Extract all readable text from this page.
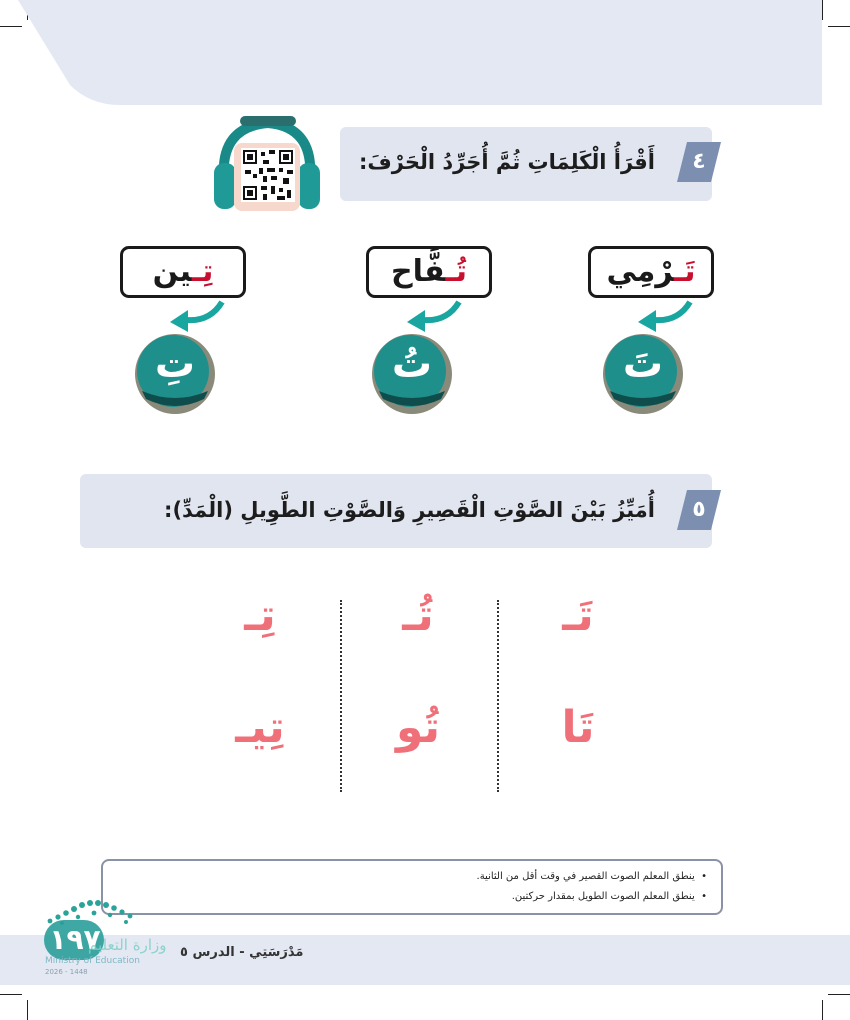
٤
أَقْرَأُ الْكَلِمَاتِ ثُمَّ أُجَرِّدُ الْحَرْفَ:
تَـرْمِي
تُـفَّاح
تِـين
تَ
تُ
تِ
٥
أُمَيِّزُ بَيْنَ الصَّوْتِ الْقَصِيرِ وَالصَّوْتِ الطَّوِيلِ (الْمَدِّ):
تَـ
تُـ
تِـ
تَا
تُو
تِيـ
•  ينطق المعلم الصوت القصير في وقت أقل من الثانية.
•  ينطق المعلم الصوت الطويل بمقدار حركتين.
مَدْرَسَتِي - الدرس ٥
١٩٧
وزارة التعليم
Ministry of Education
2026 - 1448
